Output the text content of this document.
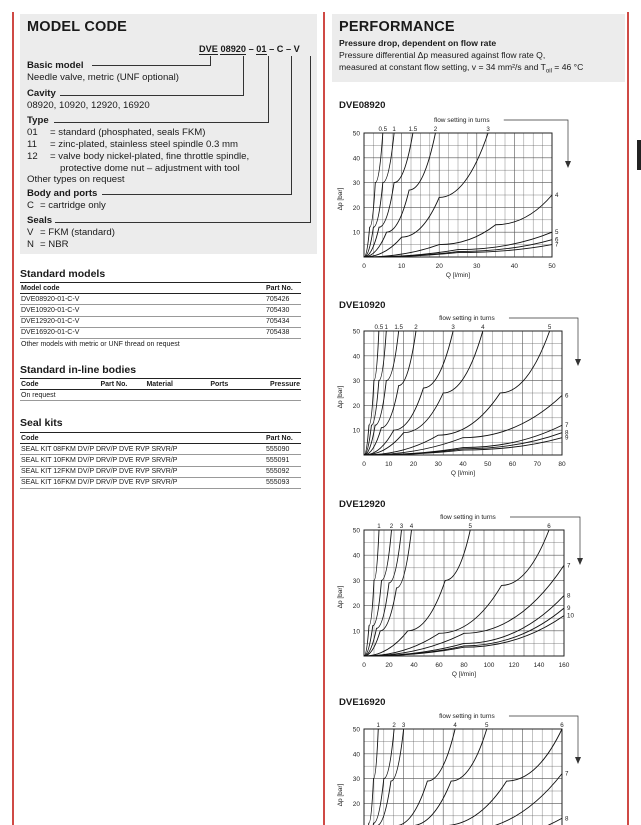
MODEL CODE
DVE 08920 – 01 – C – V
Basic model
Needle valve, metric (UNF optional)
Cavity
08920, 10920, 12920, 16920
Type
01 = standard (phosphated, seals FKM)
11 = zinc-plated, stainless steel spindle 0.3 mm
12 = valve body nickel-plated, fine throttle spindle,
protective dome nut – adjustment with tool
Other types on request
Body and ports
C = cartridge only
Seals
V = FKM (standard)
N = NBR
Standard models
Model code	Part No.
DVE08920-01-C-V	705426
DVE10920-01-C-V	705430
DVE12920-01-C-V	705434
DVE16920-01-C-V	705438
Other models with metric or UNF thread on request	
Standard in-line bodies
Code	Part No.	Material	Ports	Pressure
On request				
Seal kits
Code	Part No.
SEAL KIT 08FKM DV/P DRV/P DVE RVP SRVR/P	555090
SEAL KIT 10FKM DV/P DRV/P DVE RVP SRVR/P	555091
SEAL KIT 12FKM DV/P DRV/P DVE RVP SRVR/P	555092
SEAL KIT 16FKM DV/P DRV/P DVE RVP SRVR/P	555093
PERFORMANCE
Pressure drop, dependent on flow rate
Pressure differential Δp measured against flow rate Q,
measured at constant flow setting, v = 34 mm²/s and $T_{oil} = 46$ °C
DVE08920
10
20
30
40
50
0	10	20	30	40	50
Q [l/min]
Δp [bar]
flow setting in turns
0.5 1 1.5	2	3
4
5
6
7
DVE10920
10
20
30
40
50
0	10	20	30	40	50	60	70	80
Q [l/min]
Δp [bar]
flow setting in turns
0.5 1 1.5 2	3	4	5
6
7
8
9
DVE12920
10
20
30
40
50
0	20	40	60	80 100 120 140 160
Q [l/min]
Δp [bar]
flow setting in turns
1 2 3 4	5	6
7
8
9
10
DVE16920
20
30
40
50
Δp [bar]
flow setting in turns
1 2 3	4	5	6
7
8
